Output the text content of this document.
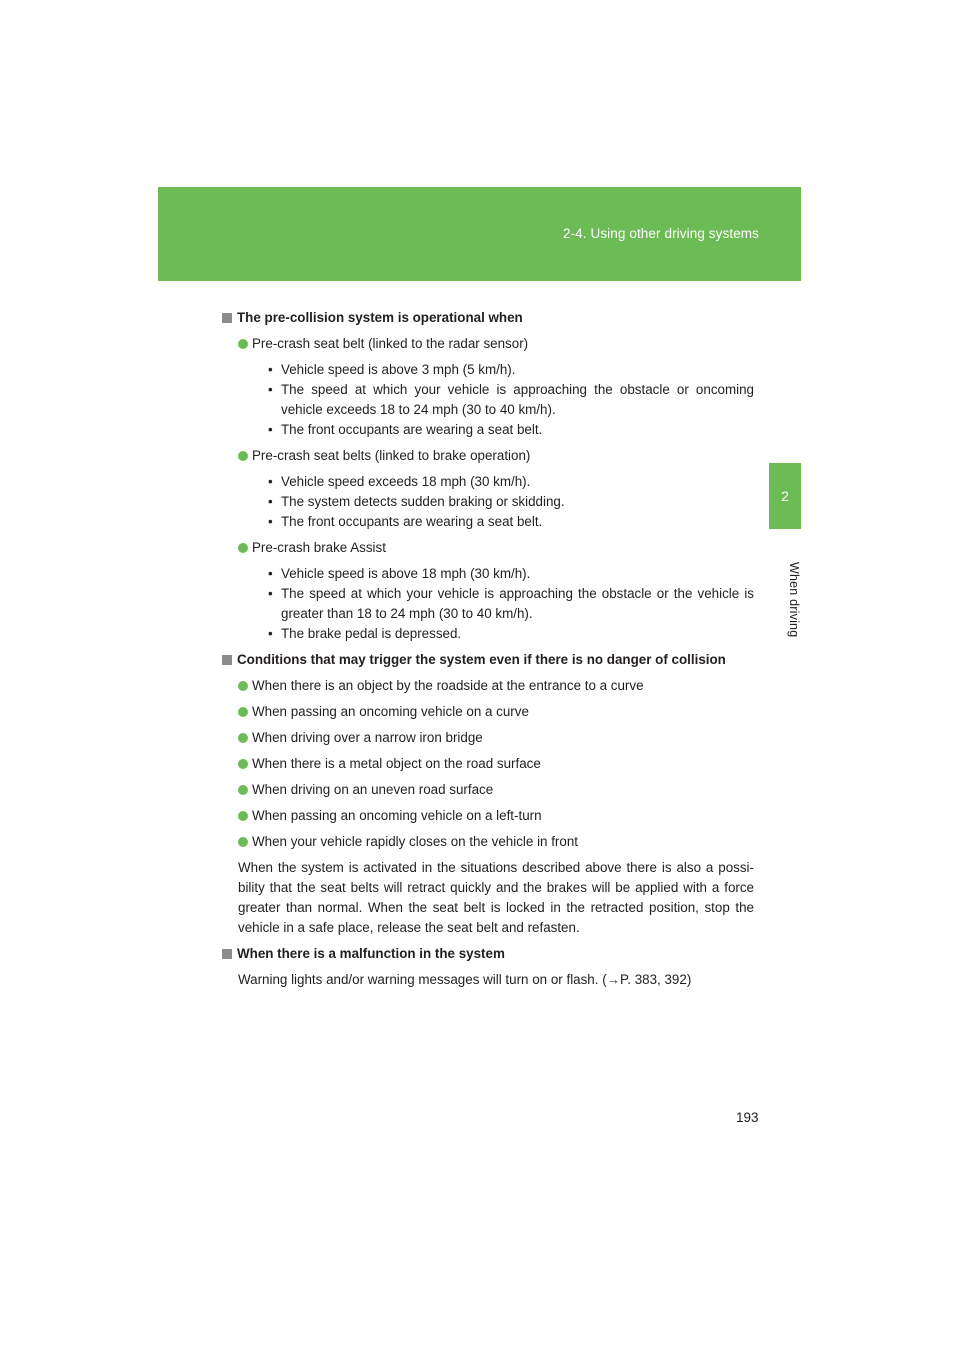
2-4. Using other driving systems
2
When driving
The pre-collision system is operational when
Pre-crash seat belt (linked to the radar sensor)
• Vehicle speed is above 3 mph (5 km/h).
• The speed at which your vehicle is approaching the obstacle or oncoming vehicle exceeds 18 to 24 mph (30 to 40 km/h).
• The front occupants are wearing a seat belt.
Pre-crash seat belts (linked to brake operation)
• Vehicle speed exceeds 18 mph (30 km/h).
• The system detects sudden braking or skidding.
• The front occupants are wearing a seat belt.
Pre-crash brake Assist
• Vehicle speed is above 18 mph (30 km/h).
• The speed at which your vehicle is approaching the obstacle or the vehicle is greater than 18 to 24 mph (30 to 40 km/h).
• The brake pedal is depressed.
Conditions that may trigger the system even if there is no danger of collision
When there is an object by the roadside at the entrance to a curve
When passing an oncoming vehicle on a curve
When driving over a narrow iron bridge
When there is a metal object on the road surface
When driving on an uneven road surface
When passing an oncoming vehicle on a left-turn
When your vehicle rapidly closes on the vehicle in front
When the system is activated in the situations described above there is also a possi-bility that the seat belts will retract quickly and the brakes will be applied with a force greater than normal. When the seat belt is locked in the retracted position, stop the vehicle in a safe place, release the seat belt and refasten.
When there is a malfunction in the system
Warning lights and/or warning messages will turn on or flash. (→P. 383, 392)
193
